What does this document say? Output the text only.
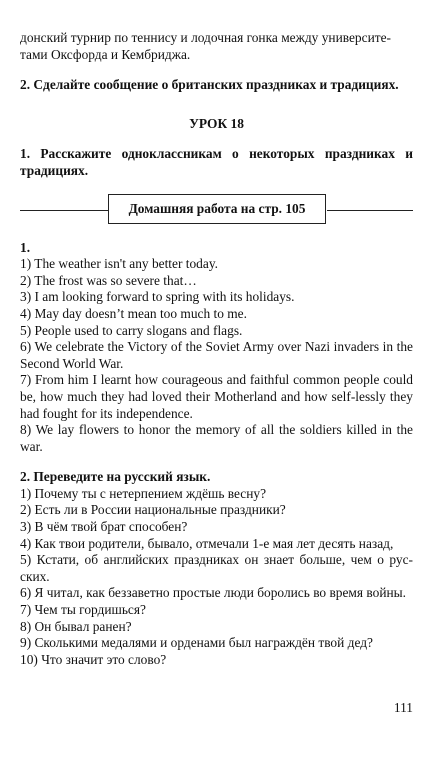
донский турнир по теннису и лодочная гонка между университе-

тами Оксфорда и Кембриджа.

2. Сделайте сообщение о британских праздниках и традициях.

УРОК 18

1. Расскажите одноклассникам о некоторых праздниках и традициях.

Домашняя работа на стр. 105

1.

1) The weather isn't any better today.
2) The frost was so severe that…
3) I am looking forward to spring with its holidays.
4) May day doesn’t mean too much to me.
5) People used to carry slogans and flags.
6) We celebrate the Victory of the Soviet Army over Nazi invaders in the Second World War.
7) From him I learnt how courageous and faithful common people could be, how much they had loved their Motherland and how self-lessly they had fought for its independence.
8) We lay flowers to honor the memory of all the soldiers killed in the war.

2. Переведите на русский язык.

1) Почему ты с нетерпением ждёшь весну?
2) Есть ли в России национальные праздники?
3) В чём твой брат способен?
4) Как твои родители, бывало, отмечали 1-е мая лет десять назад,
5) Кстати, об английских праздниках он знает больше, чем о рус-ских.
6) Я читал, как беззаветно простые люди боролись во время войны.
7) Чем ты гордишься?
8) Он бывал ранен?
9) Сколькими медалями и орденами был награждён твой дед?
10) Что значит это слово?
111
